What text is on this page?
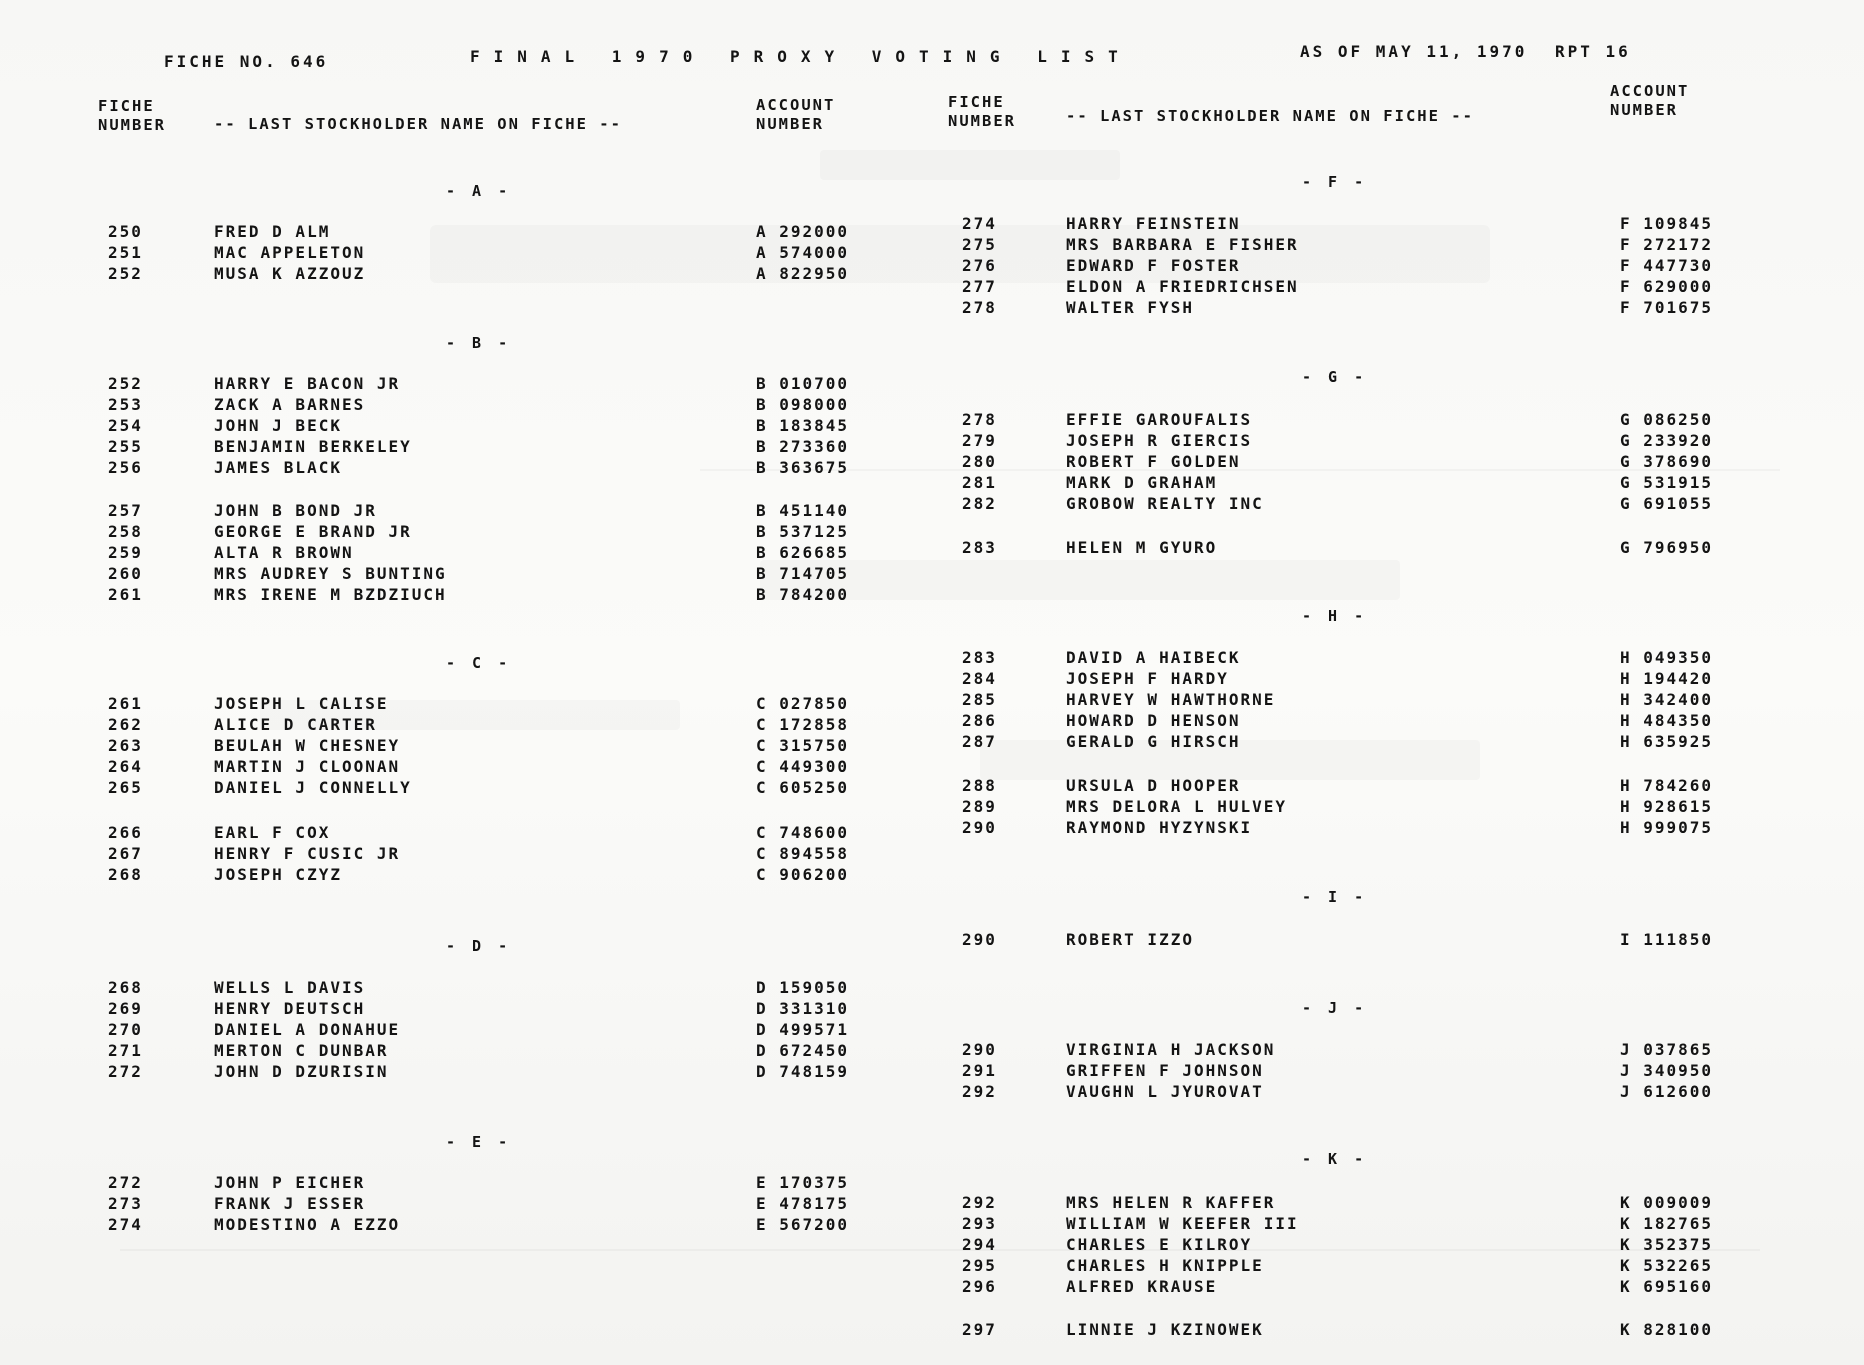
FICHE NO. 646	FINAL 1970 PROXY VOTING LIST	AS OF MAY 11, 1970 RPT 16
FICHE NUMBER	-- LAST STOCKHOLDER NAME ON FICHE --
ACCOUNT NUMBER
FICHE NUMBER	-- LAST STOCKHOLDER NAME ON FICHE --
ACCOUNT NUMBER
- A -
250	FRED D ALM	A 292000
251	MAC APPELETON	A 574000
252	MUSA K AZZOUZ	A 822950
- B -
252	HARRY E BACON JR	B 010700
253	ZACK A BARNES	B 098000
254	JOHN J BECK	B 183845
255	BENJAMIN BERKELEY	B 273360
256	JAMES BLACK	B 363675
257	JOHN B BOND JR	B 451140
258	GEORGE E BRAND JR	B 537125
259	ALTA R BROWN	B 626685
260	MRS AUDREY S BUNTING	B 714705
261	MRS IRENE M BZDZIUCH	B 784200
- C -
261	JOSEPH L CALISE	C 027850
262	ALICE D CARTER	C 172858
263	BEULAH W CHESNEY	C 315750
264	MARTIN J CLOONAN	C 449300
265	DANIEL J CONNELLY	C 605250
266	EARL F COX	C 748600
267	HENRY F CUSIC JR	C 894558
268	JOSEPH CZYZ	C 906200
- D -
268	WELLS L DAVIS	D 159050
269	HENRY DEUTSCH	D 331310
270	DANIEL A DONAHUE	D 499571
271	MERTON C DUNBAR	D 672450
272	JOHN D DZURISIN	D 748159
- E -
272	JOHN P EICHER	E 170375
273	FRANK J ESSER	E 478175
274	MODESTINO A EZZO	E 567200
- F -
274	HARRY FEINSTEIN	F 109845
275	MRS BARBARA E FISHER	F 272172
276	EDWARD F FOSTER	F 447730
277	ELDON A FRIEDRICHSEN	F 629000
278	WALTER FYSH	F 701675
- G -
278	EFFIE GAROUFALIS	G 086250
279	JOSEPH R GIERCIS	G 233920
280	ROBERT F GOLDEN	G 378690
281	MARK D GRAHAM	G 531915
282	GROBOW REALTY INC	G 691055
283	HELEN M GYURO	G 796950
- H -
283	DAVID A HAIBECK	H 049350
284	JOSEPH F HARDY	H 194420
285	HARVEY W HAWTHORNE	H 342400
286	HOWARD D HENSON	H 484350
287	GERALD G HIRSCH	H 635925
288	URSULA D HOOPER	H 784260
289	MRS DELORA L HULVEY	H 928615
290	RAYMOND HYZYNSKI	H 999075
- I -
290	ROBERT IZZO	I 111850
- J -
290	VIRGINIA H JACKSON	J 037865
291	GRIFFEN F JOHNSON	J 340950
292	VAUGHN L JYUROVAT	J 612600
- K -
292	MRS HELEN R KAFFER	K 009009
293	WILLIAM W KEEFER III	K 182765
294	CHARLES E KILROY	K 352375
295	CHARLES H KNIPPLE	K 532265
296	ALFRED KRAUSE	K 695160
297	LINNIE J KZINOWEK	K 828100
